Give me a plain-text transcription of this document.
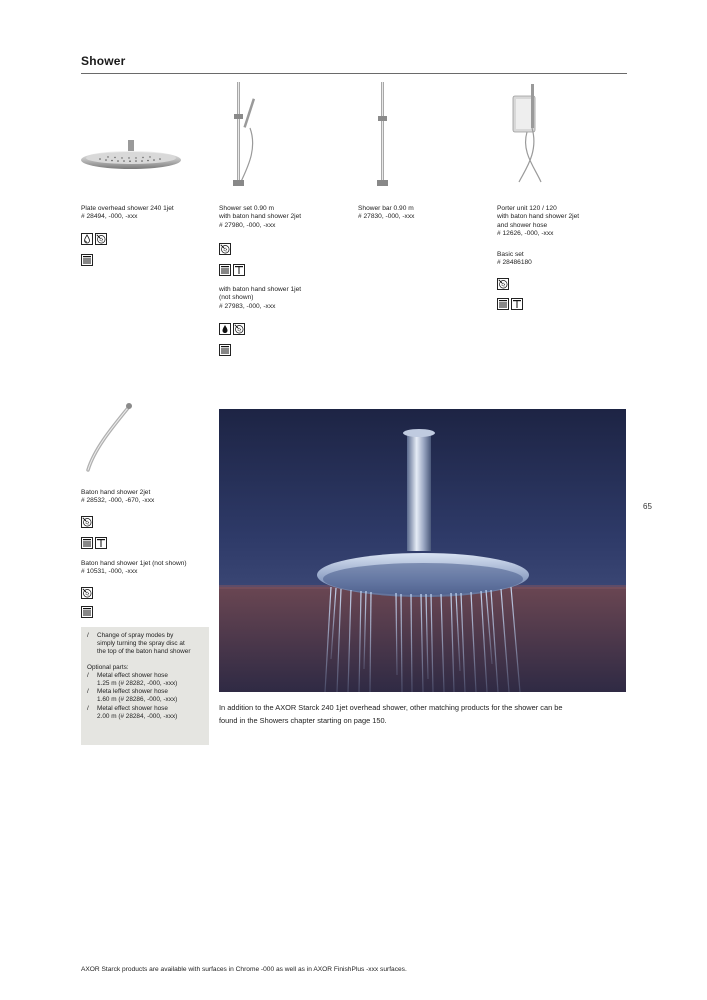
Shower
Plate overhead shower 240 1jet
# 28494, -000, -xxx
Shower set 0.90 m
with baton hand shower 2jet
# 27980, -000, -xxx
with baton hand shower 1jet
(not shown)
# 27983, -000, -xxx
Shower bar 0.90 m
# 27830, -000, -xxx
Porter unit 120 / 120
with baton hand shower 2jet
and shower hose
# 12626, -000, -xxx
Basic set
# 28486180
Baton hand shower 2jet
# 28532, -000, -670, -xxx
Baton hand shower 1jet (not shown)
# 10531, -000, -xxx
/ Change of spray modes by
simply turning the spray disc at
the top of the baton hand shower
Optional parts:
/ Metal effect shower hose
1.25 m (# 28282, -000, -xxx)
/ Meta leffect shower hose
1.60 m (# 28286, -000, -xxx)
/ Metal effect shower hose
2.00 m (# 28284, -000, -xxx)
In addition to the AXOR Starck 240 1jet overhead shower, other matching products for the shower can be
found in the Showers chapter starting on page 150.
65
AXOR Starck products are available with surfaces in Chrome -000 as well as in AXOR FinishPlus -xxx surfaces.
